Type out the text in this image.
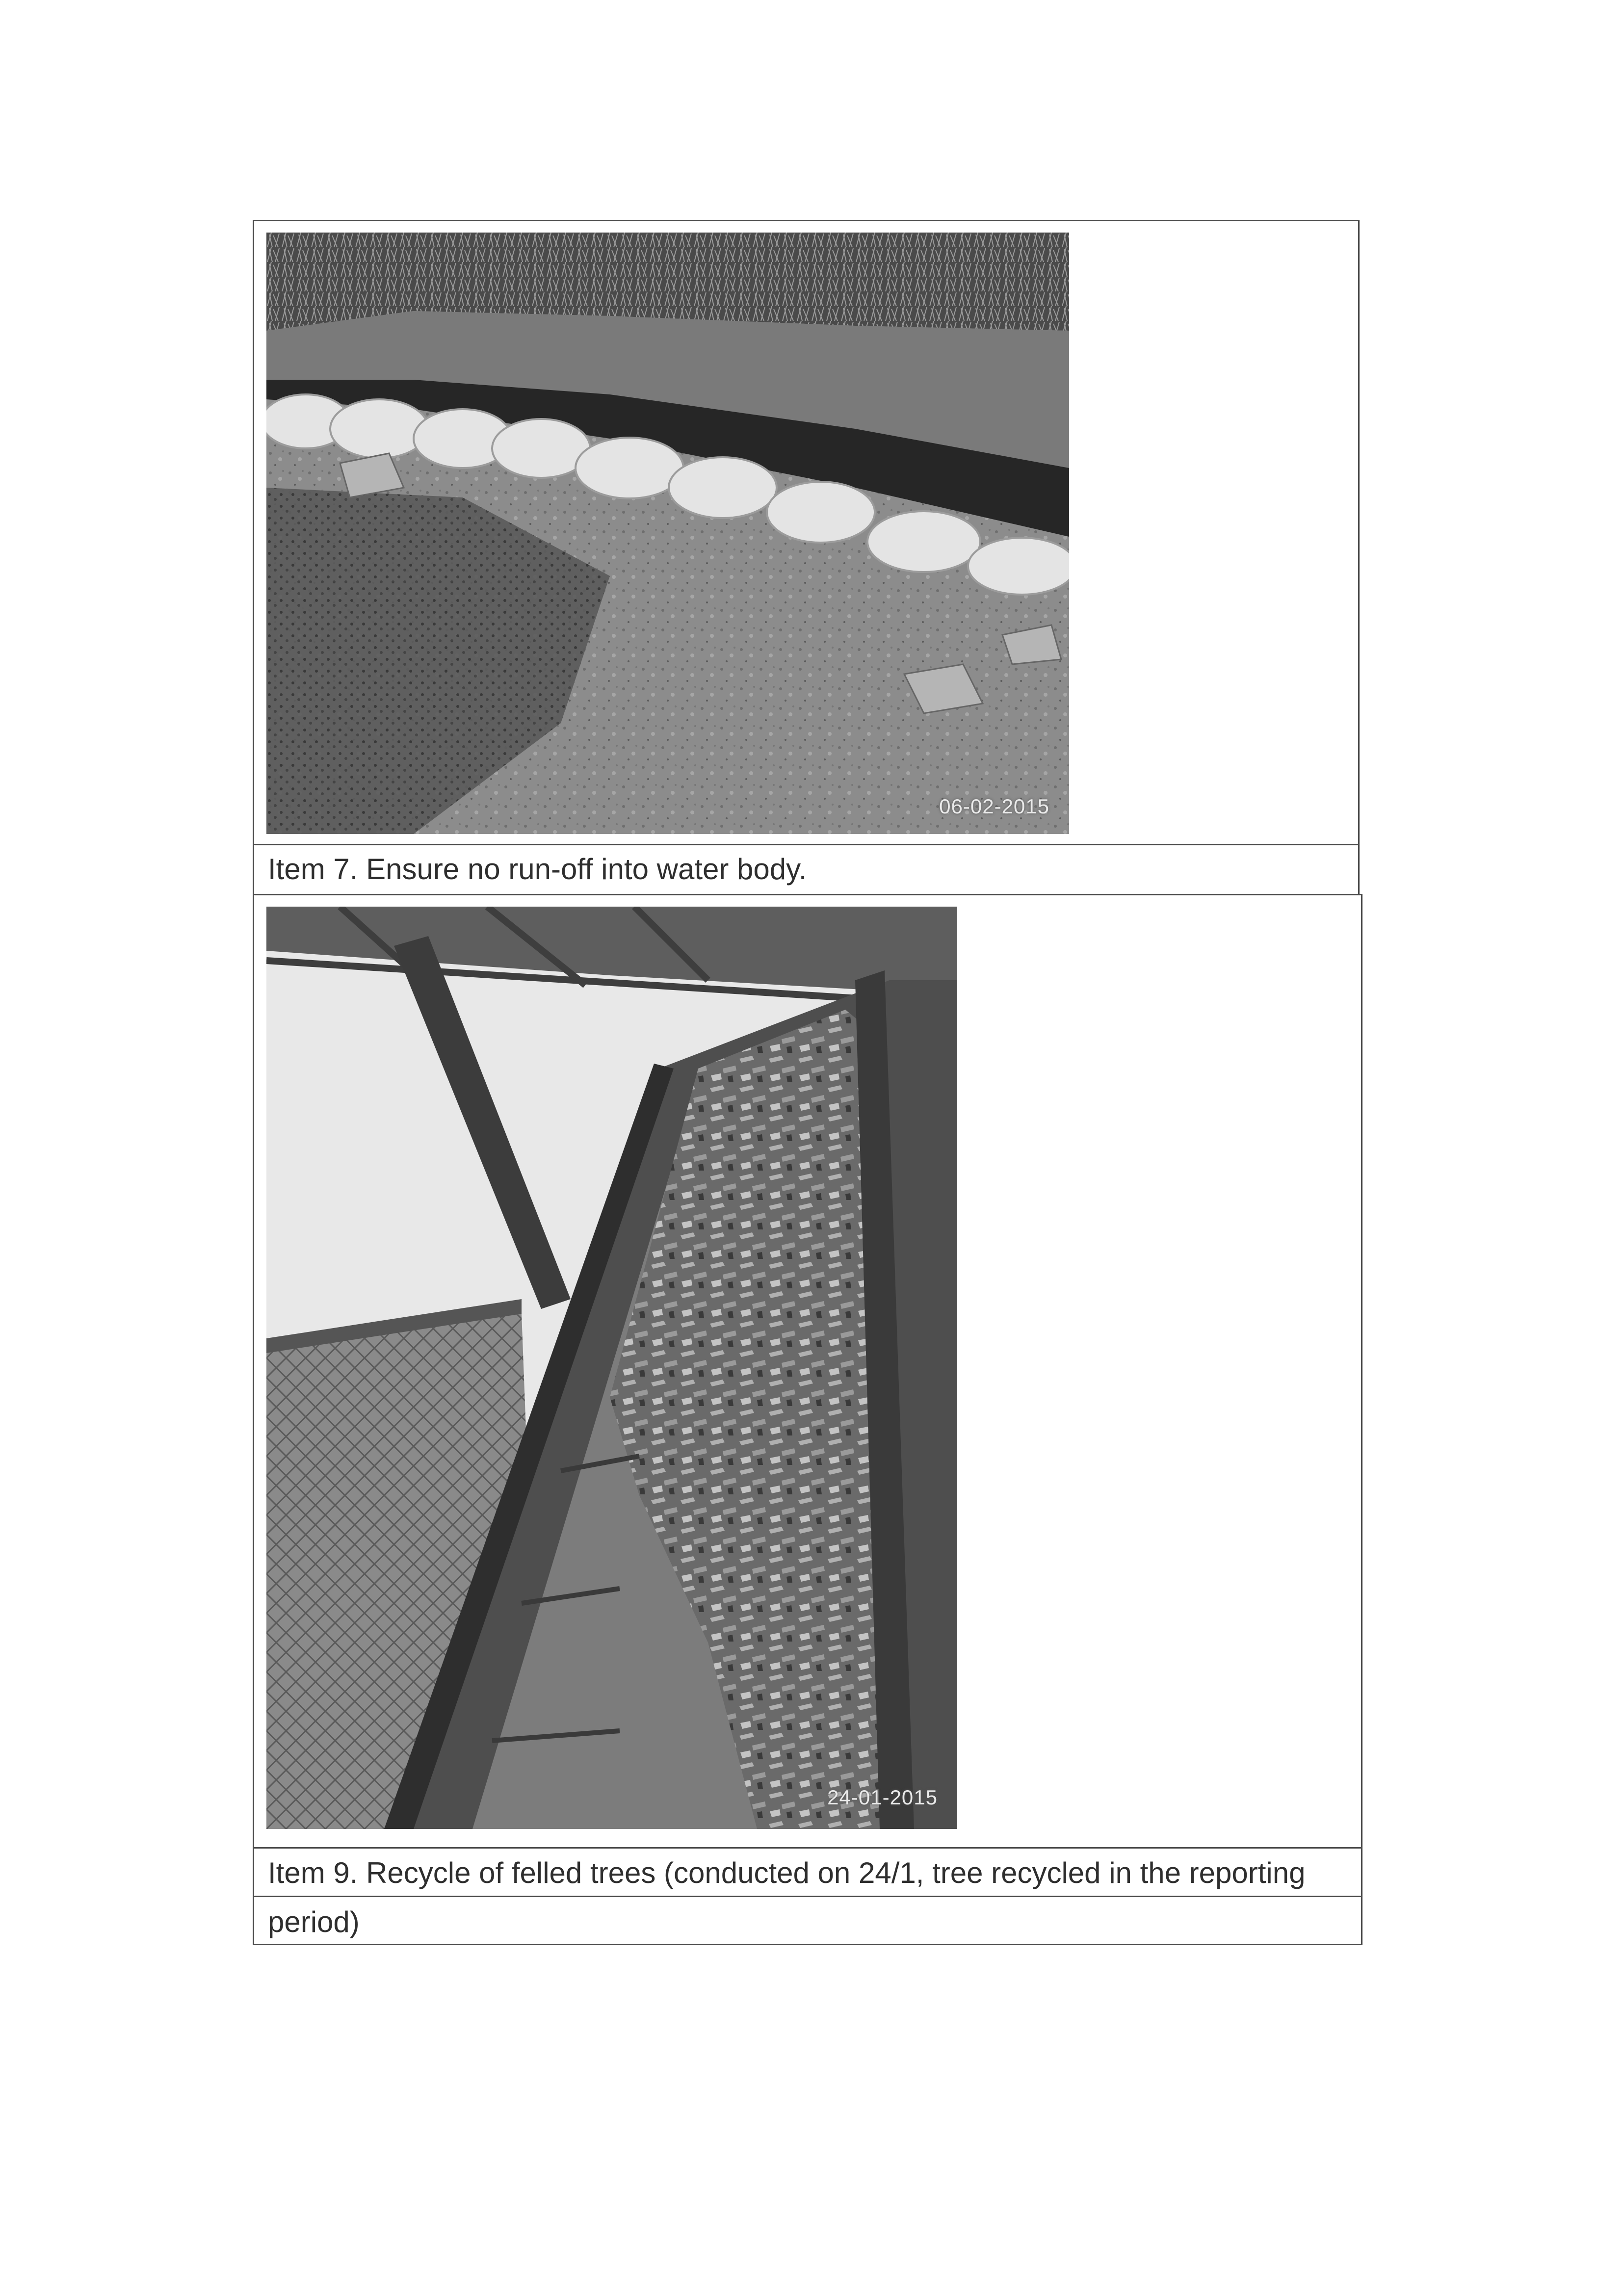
06-02-2015
Item 7. Ensure no run-off into water body.
24-01-2015
Item 9. Recycle of felled trees (conducted on 24/1, tree recycled in the reporting period)
